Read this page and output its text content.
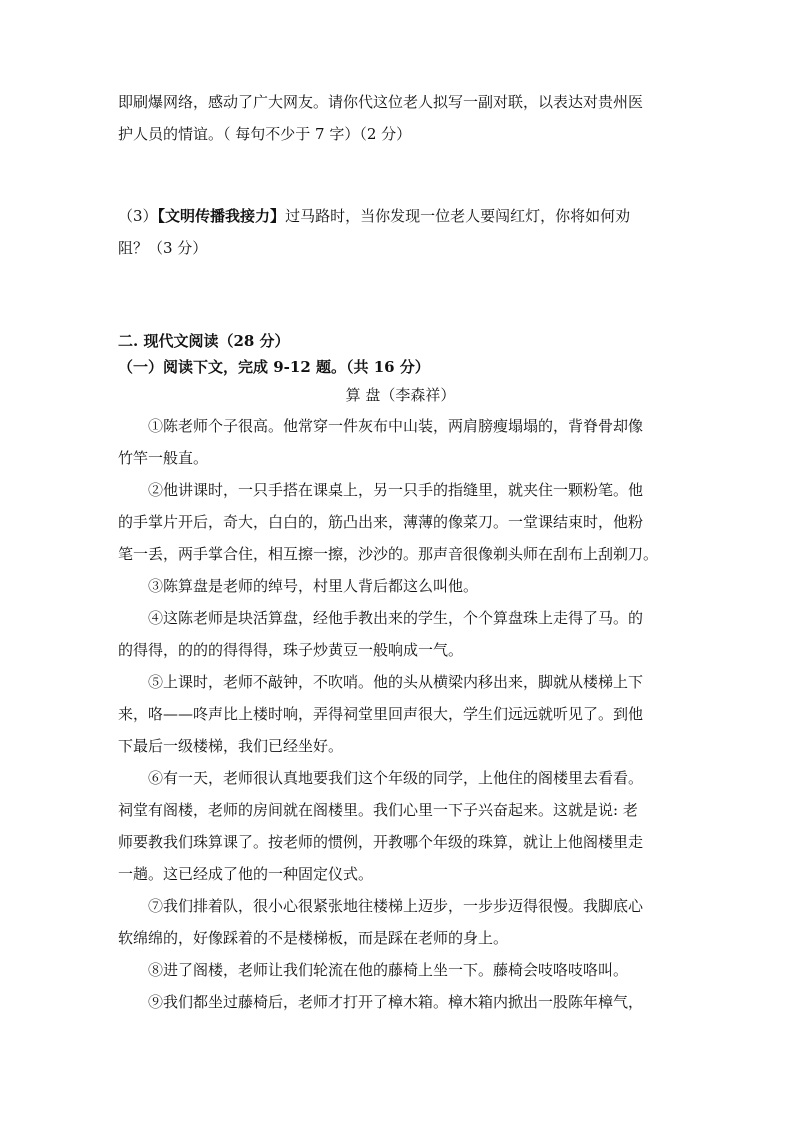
即刷爆网络，感动了广大网友。请你代这位老人拟写一副对联，以表达对贵州医
护人员的情谊。（ 每句不少于 7 字）（2 分）
（3）【文明传播我接力】过马路时，当你发现一位老人要闯红灯，你将如何劝
阻？（3 分）
二. 现代文阅读（28 分）
（一）阅读下文，完成 9-12 题。（共 16 分）
算 盘（李森祥）
①陈老师个子很高。他常穿一件灰布中山装，两肩膀瘦塌塌的，背脊骨却像
竹竿一般直。
②他讲课时，一只手搭在课桌上，另一只手的指缝里，就夹住一颗粉笔。他
的手掌片开后，奇大，白白的，筋凸出来，薄薄的像菜刀。一堂课结束时，他粉
笔一丢，两手掌合住，相互擦一擦，沙沙的。那声音很像剃头师在刮布上刮剃刀。
③陈算盘是老师的绰号，村里人背后都这么叫他。
④这陈老师是块活算盘，经他手教出来的学生，个个算盘珠上走得了马。的
的得得，的的的得得得，珠子炒黄豆一般响成一气。
⑤上课时，老师不敲钟，不吹哨。他的头从横梁内移出来，脚就从楼梯上下
来，咯——咚声比上楼时响，弄得祠堂里回声很大，学生们远远就听见了。到他
下最后一级楼梯，我们已经坐好。
⑥有一天，老师很认真地要我们这个年级的同学，上他住的阁楼里去看看。
祠堂有阁楼，老师的房间就在阁楼里。我们心里一下子兴奋起来。这就是说: 老
师要教我们珠算课了。按老师的惯例，开教哪个年级的珠算，就让上他阁楼里走
一趟。这已经成了他的一种固定仪式。
⑦我们排着队，很小心很紧张地往楼梯上迈步，一步步迈得很慢。我脚底心
软绵绵的，好像踩着的不是楼梯板，而是踩在老师的身上。
⑧进了阁楼，老师让我们轮流在他的藤椅上坐一下。藤椅会吱咯吱咯叫。
⑨我们都坐过藤椅后，老师才打开了樟木箱。樟木箱内掀出一股陈年樟气，
